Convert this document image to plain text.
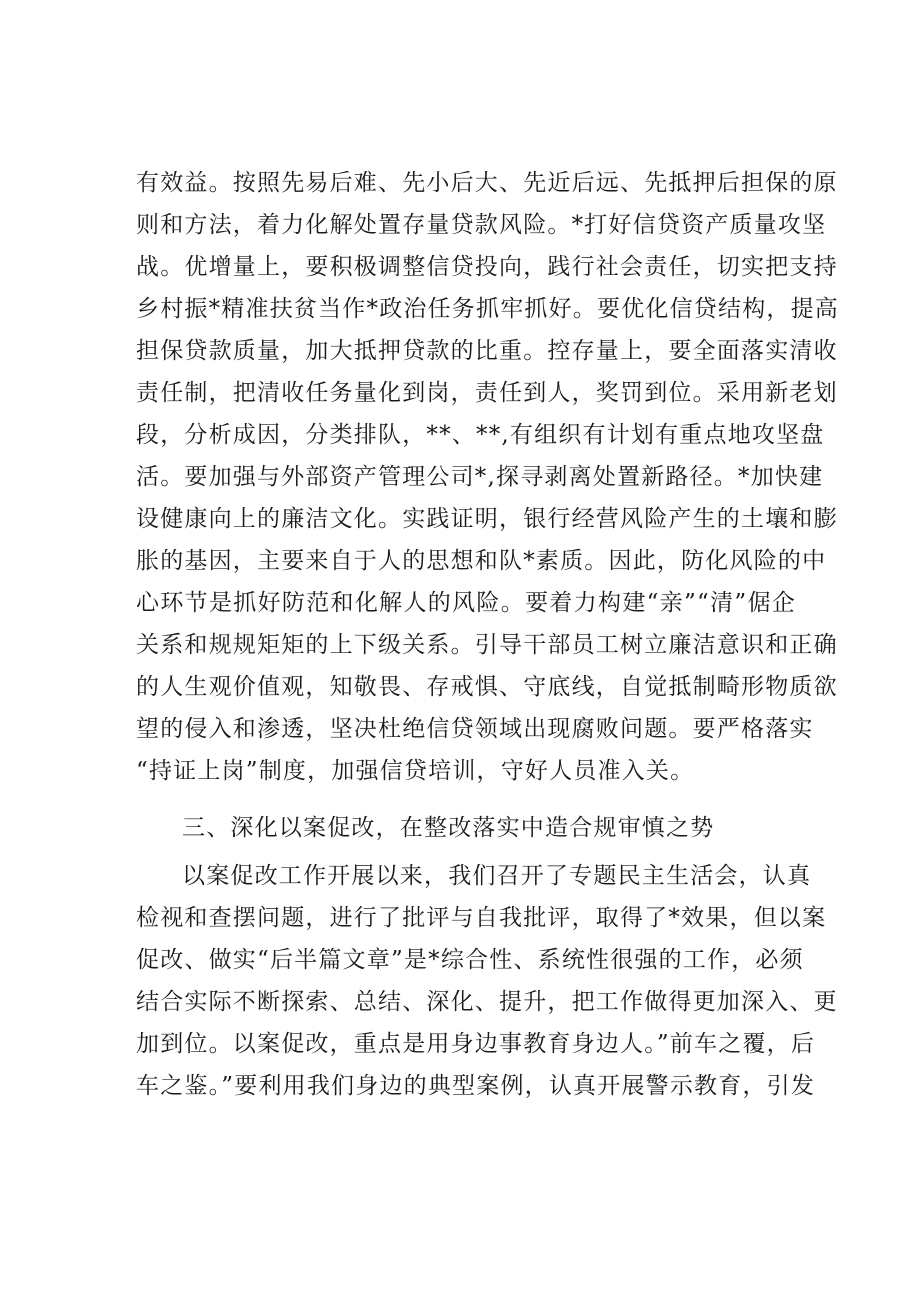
有效益。按照先易后难、先小后大、先近后远、先抵押后担保的原
则和方法，着力化解处置存量贷款风险。*打好信贷资产质量攻坚
战。优增量上，要积极调整信贷投向，践行社会责任，切实把支持
乡村振*精准扶贫当作*政治任务抓牢抓好。要优化信贷结构，提高
担保贷款质量，加大抵押贷款的比重。控存量上，要全面落实清收
责任制，把清收任务量化到岗，责任到人，奖罚到位。采用新老划
段，分析成因，分类排队，**、**,有组织有计划有重点地攻坚盘
活。要加强与外部资产管理公司*,探寻剥离处置新路径。*加快建
设健康向上的廉洁文化。实践证明，银行经营风险产生的土壤和膨
胀的基因，主要来自于人的思想和队*素质。因此，防化风险的中
心环节是抓好防范和化解人的风险。要着力构建“亲”“清”倨企
关系和规规矩矩的上下级关系。引导干部员工树立廉洁意识和正确
的人生观价值观，知敬畏、存戒惧、守底线，自觉抵制畸形物质欲
望的侵入和渗透，坚决杜绝信贷领域出现腐败问题。要严格落实
“持证上岗”制度，加强信贷培训，守好人员准入关。
三、深化以案促改，在整改落实中造合规审慎之势
以案促改工作开展以来，我们召开了专题民主生活会，认真
检视和查摆问题，进行了批评与自我批评，取得了*效果，但以案
促改、做实“后半篇文章”是*综合性、系统性很强的工作，必须
结合实际不断探索、总结、深化、提升，把工作做得更加深入、更
加到位。以案促改，重点是用身边事教育身边人。”前车之覆，后
车之鉴。”要利用我们身边的典型案例，认真开展警示教育，引发
